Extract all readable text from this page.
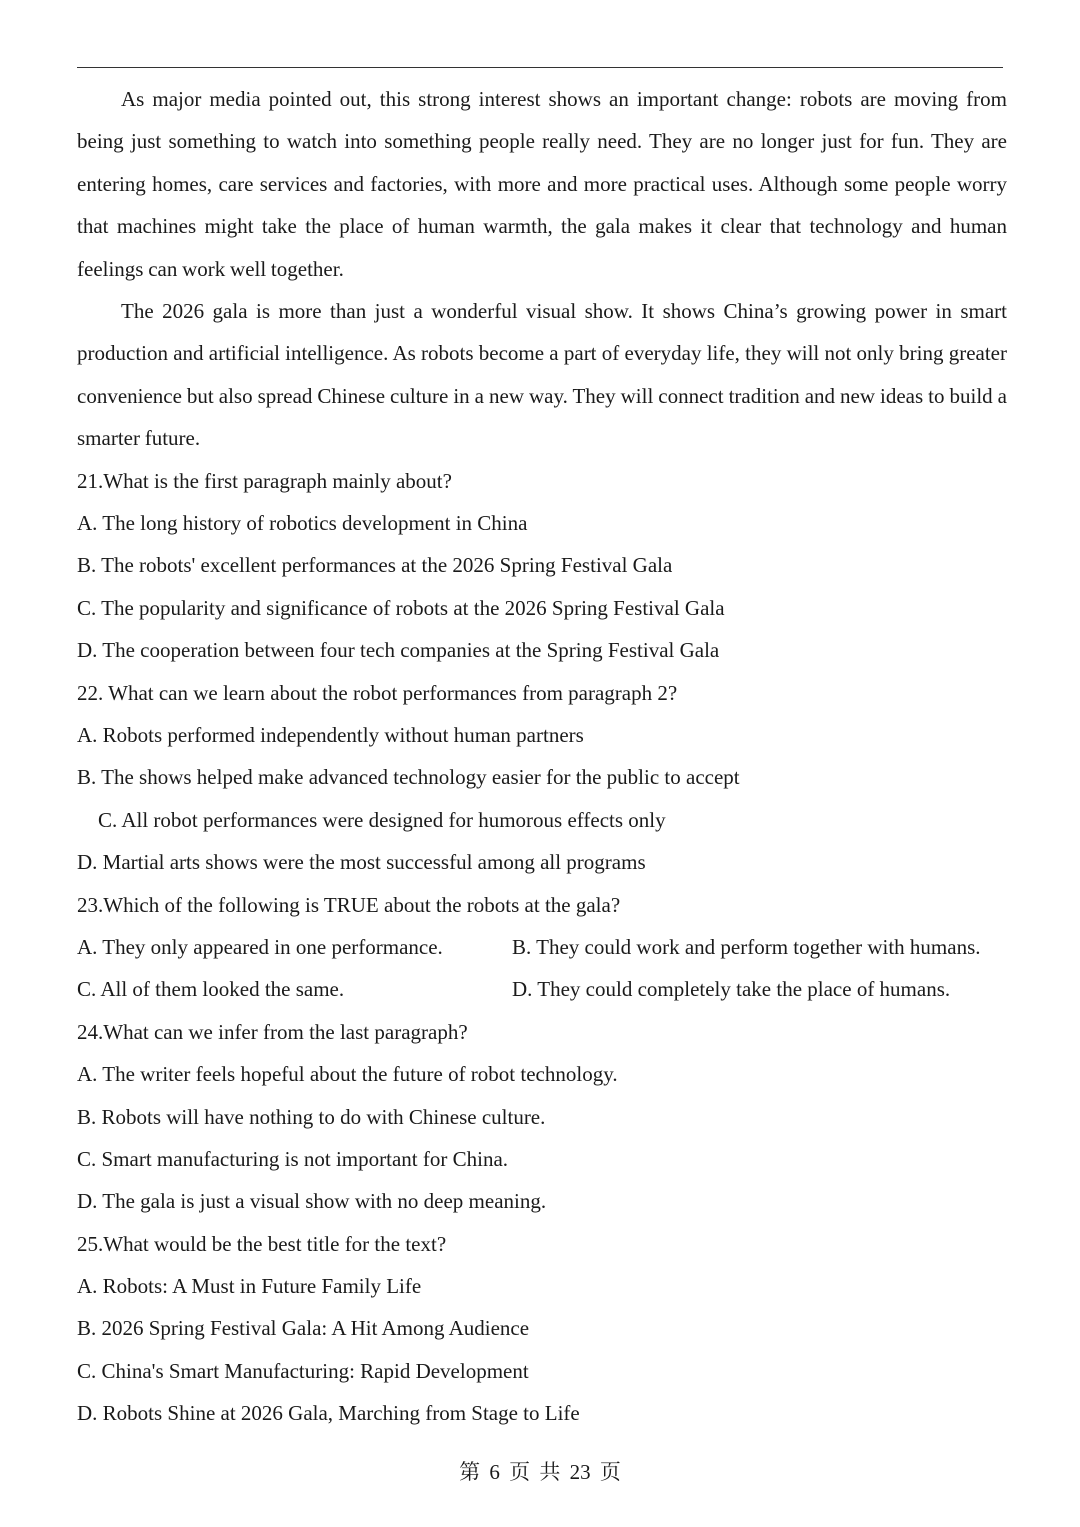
As major media pointed out, this strong interest shows an important change: robots are moving from being just something to watch into something people really need. They are no longer just for fun. They are entering homes, care services and factories, with more and more practical uses. Although some people worry that machines might take the place of human warmth, the gala makes it clear that technology and human feelings can work well together.

The 2026 gala is more than just a wonderful visual show. It shows China’s growing power in smart production and artificial intelligence. As robots become a part of everyday life, they will not only bring greater convenience but also spread Chinese culture in a new way. They will connect tradition and new ideas to build a smarter future.

21.What is the first paragraph mainly about?
A. The long history of robotics development in China
B. The robots' excellent performances at the 2026 Spring Festival Gala
C. The popularity and significance of robots at the 2026 Spring Festival Gala
D. The cooperation between four tech companies at the Spring Festival Gala
22. What can we learn about the robot performances from paragraph 2?
A. Robots performed independently without human partners
B. The shows helped make advanced technology easier for the public to accept
C. All robot performances were designed for humorous effects only
D. Martial arts shows were the most successful among all programs
23.Which of the following is TRUE about the robots at the gala?
A. They only appeared in one performance.	B. They could work and perform together with humans.
C. All of them looked the same.	D. They could completely take the place of humans.
24.What can we infer from the last paragraph?
A. The writer feels hopeful about the future of robot technology.
B. Robots will have nothing to do with Chinese culture.
C. Smart manufacturing is not important for China.
D. The gala is just a visual show with no deep meaning.
25.What would be the best title for the text?
A. Robots: A Must in Future Family Life
B. 2026 Spring Festival Gala: A Hit Among Audience
C. China's Smart Manufacturing: Rapid Development
D. Robots Shine at 2026 Gala, Marching from Stage to Life
第 6 页 共 23 页
